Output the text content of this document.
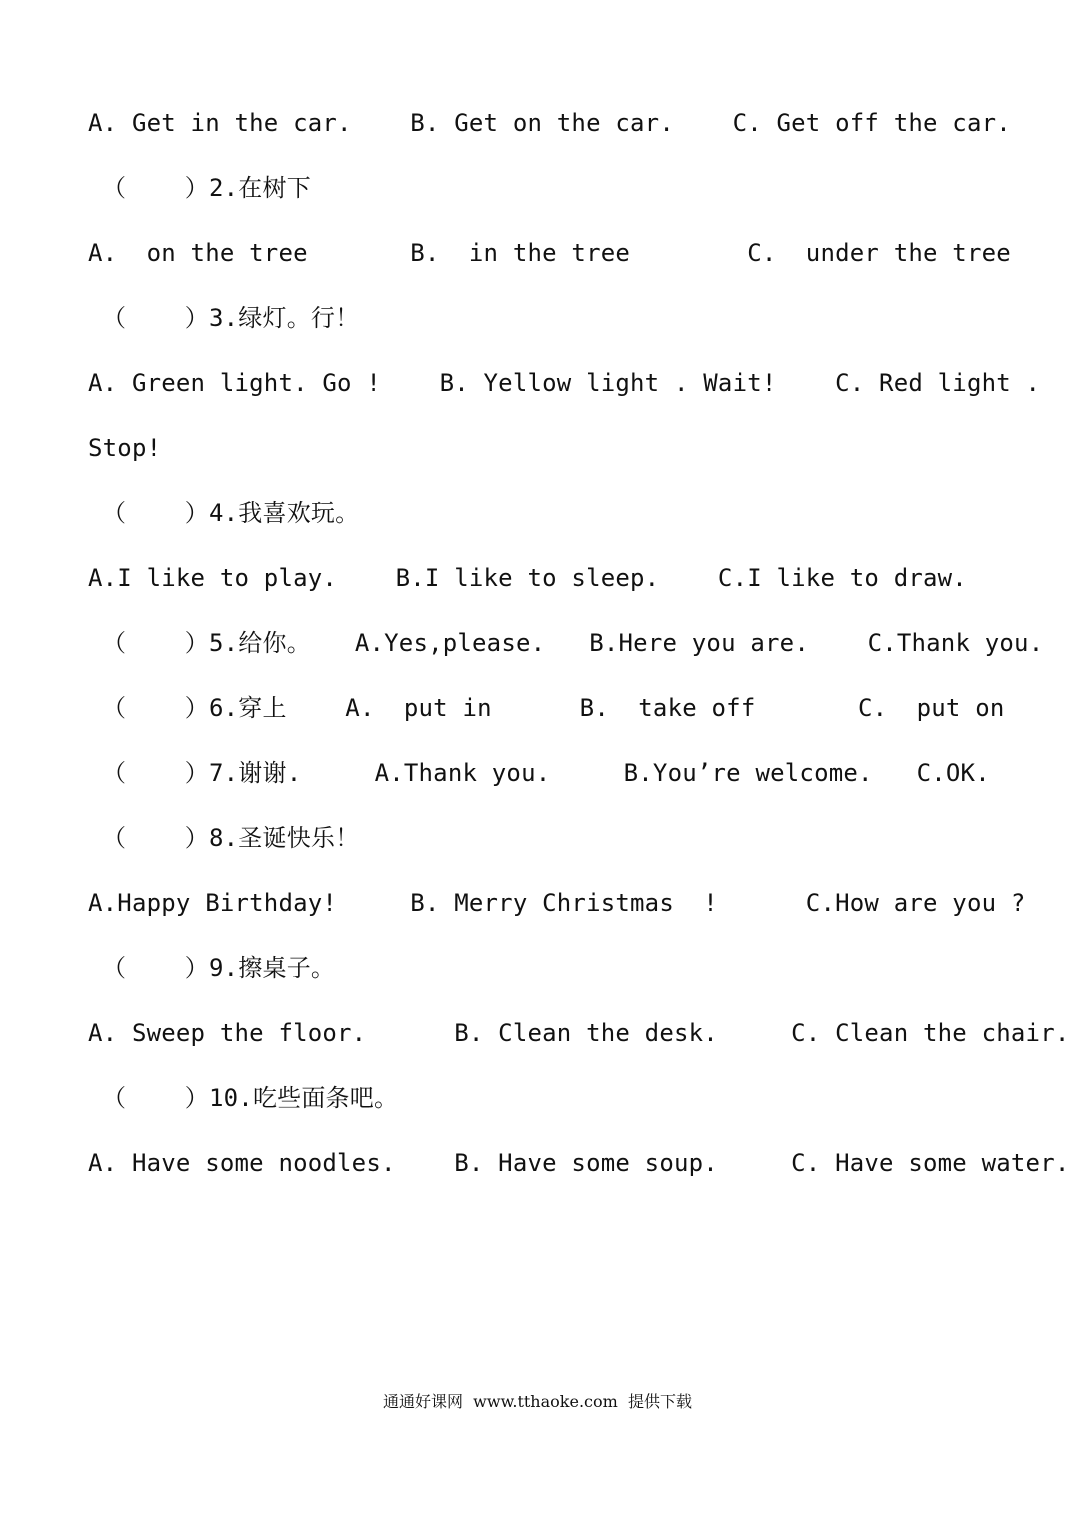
A. Get in the car.    B. Get on the car.    C. Get off the car.
（    ）2.在树下
A.  on the tree       B.  in the tree        C.  under the tree
（    ）3.绿灯。行！
A. Green light. Go !    B. Yellow light . Wait!    C. Red light .
Stop!
（    ）4.我喜欢玩。
A.I like to play.    B.I like to sleep.    C.I like to draw.
（    ）5.给你。   A.Yes,please.   B.Here you are.    C.Thank you.
（    ）6.穿上    A.  put in      B.  take off       C.  put on
（    ）7.谢谢.     A.Thank you.     B.You’re welcome.   C.OK.
（    ）8.圣诞快乐！
A.Happy Birthday!     B. Merry Christmas  !      C.How are you ?
（    ）9.擦桌子。
A. Sweep the floor.      B. Clean the desk.     C. Clean the chair.
（    ）10.吃些面条吧。
A. Have some noodles.    B. Have some soup.     C. Have some water.
通通好课网  www.tthaoke.com  提供下载
